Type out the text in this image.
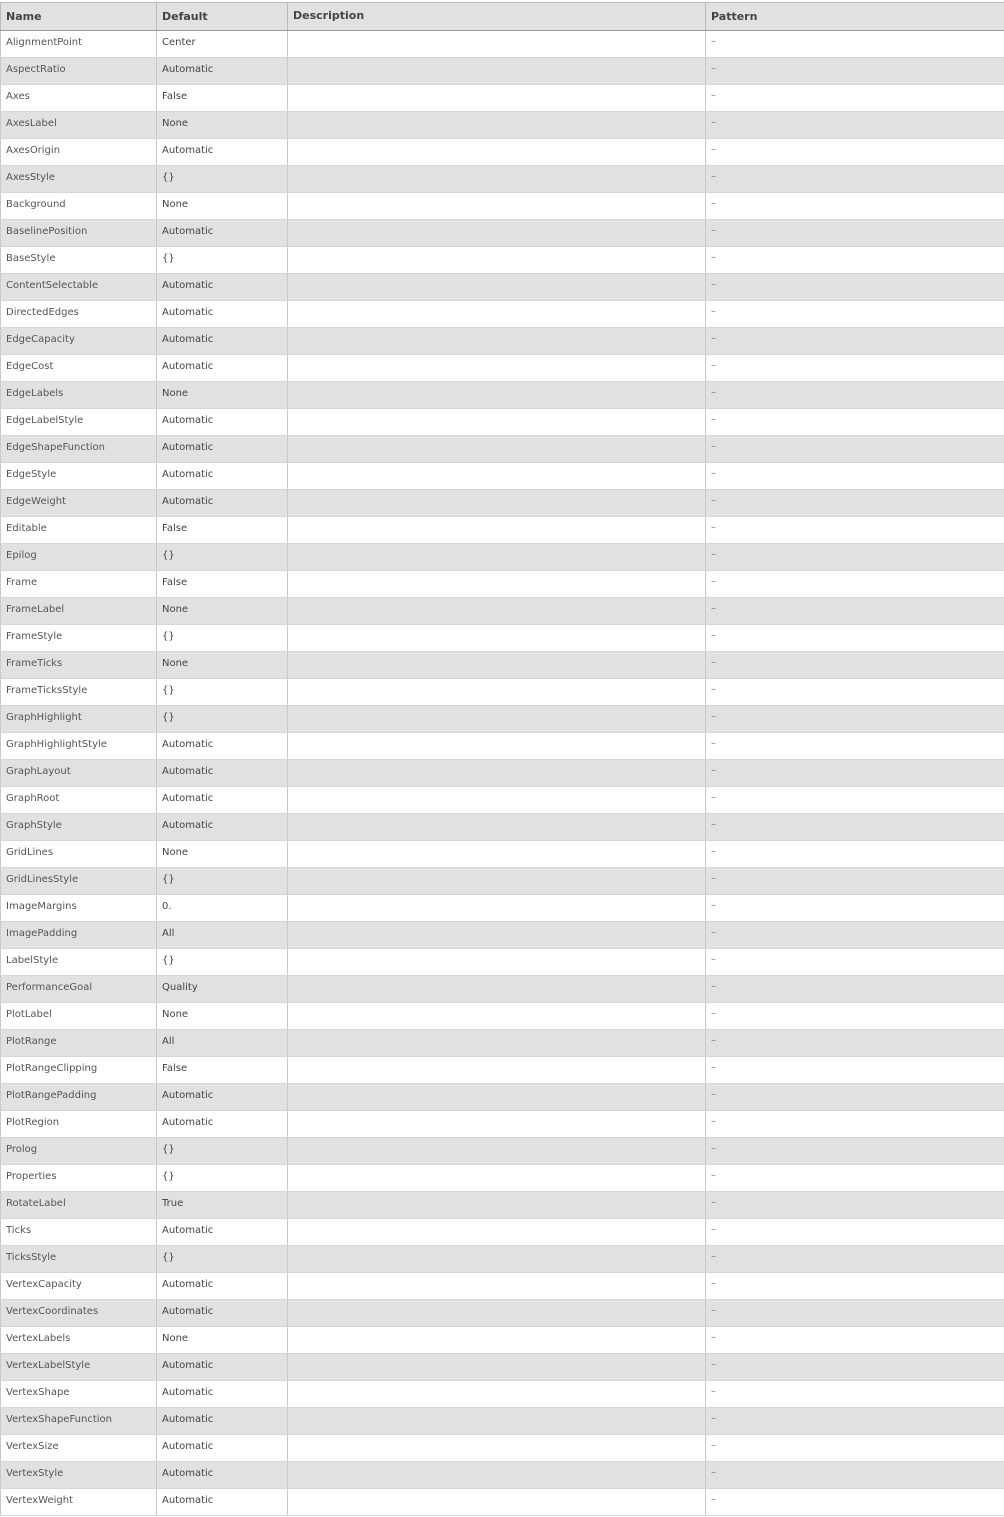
Name	Default	Description	Pattern
AlignmentPoint	Center		–
AspectRatio	Automatic		–
Axes	False		–
AxesLabel	None		–
AxesOrigin	Automatic		–
AxesStyle	{}		–
Background	None		–
BaselinePosition	Automatic		–
BaseStyle	{}		–
ContentSelectable	Automatic		–
DirectedEdges	Automatic		–
EdgeCapacity	Automatic		–
EdgeCost	Automatic		–
EdgeLabels	None		–
EdgeLabelStyle	Automatic		–
EdgeShapeFunction	Automatic		–
EdgeStyle	Automatic		–
EdgeWeight	Automatic		–
Editable	False		–
Epilog	{}		–
Frame	False		–
FrameLabel	None		–
FrameStyle	{}		–
FrameTicks	None		–
FrameTicksStyle	{}		–
GraphHighlight	{}		–
GraphHighlightStyle	Automatic		–
GraphLayout	Automatic		–
GraphRoot	Automatic		–
GraphStyle	Automatic		–
GridLines	None		–
GridLinesStyle	{}		–
ImageMargins	0.		–
ImagePadding	All		–
LabelStyle	{}		–
PerformanceGoal	Quality		–
PlotLabel	None		–
PlotRange	All		–
PlotRangeClipping	False		–
PlotRangePadding	Automatic		–
PlotRegion	Automatic		–
Prolog	{}		–
Properties	{}		–
RotateLabel	True		–
Ticks	Automatic		–
TicksStyle	{}		–
VertexCapacity	Automatic		–
VertexCoordinates	Automatic		–
VertexLabels	None		–
VertexLabelStyle	Automatic		–
VertexShape	Automatic		–
VertexShapeFunction	Automatic		–
VertexSize	Automatic		–
VertexStyle	Automatic		–
VertexWeight	Automatic		–
